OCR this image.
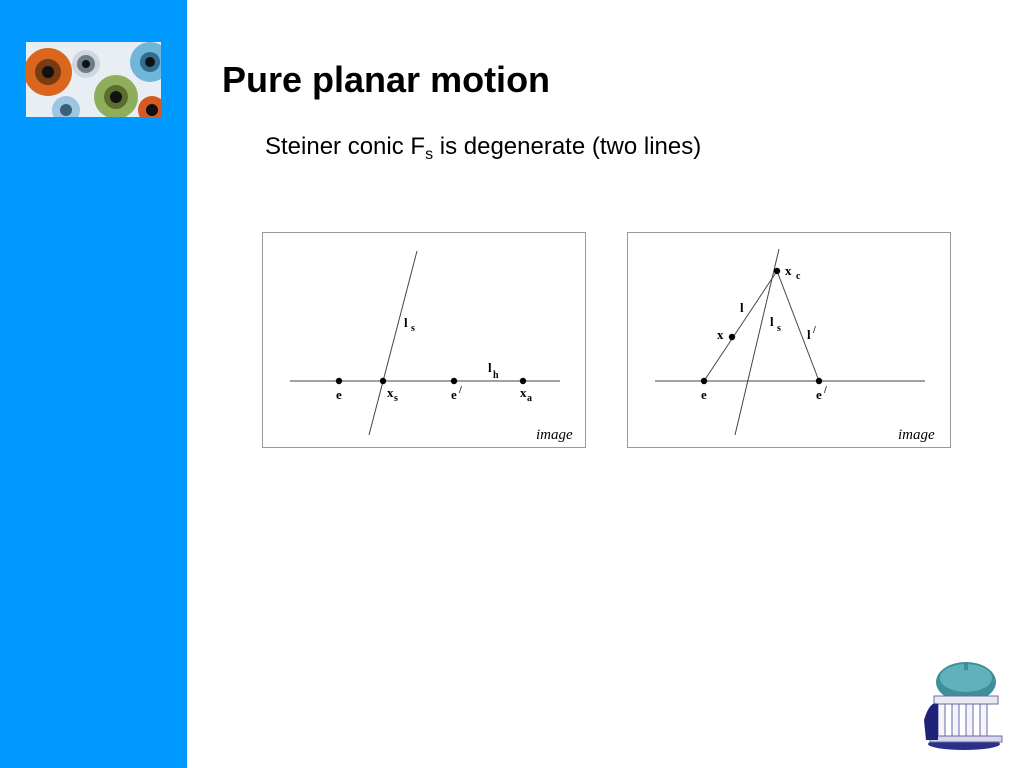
Pure planar motion
Steiner conic $F_s$ is degenerate (two lines)
l s
l
h
e	x s	e /	x a
image
x c
l
x
l s l /
e	e /
image
